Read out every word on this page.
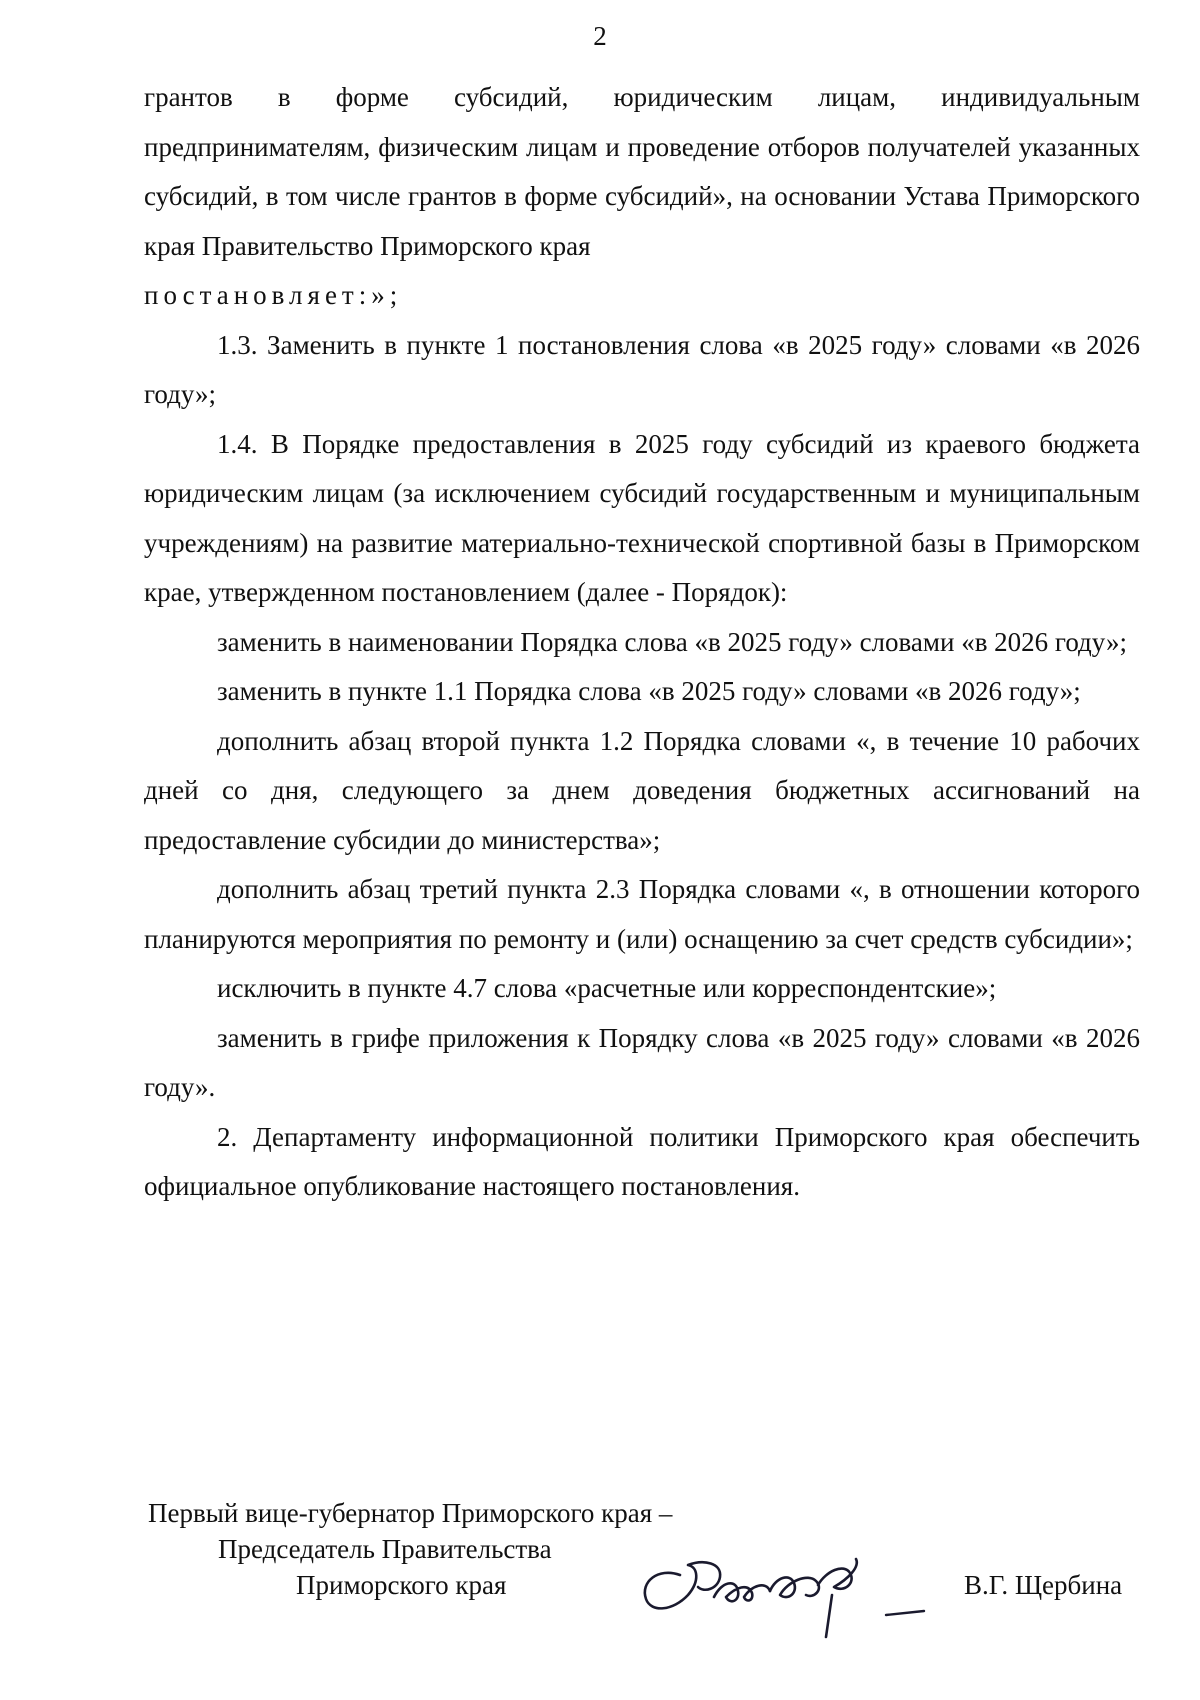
2

грантов в форме субсидий, юридическим лицам, индивидуальным предпринимателям, физическим лицам и проведение отборов получателей указанных субсидий, в том числе грантов в форме субсидий», на основании Устава Приморского края Правительство Приморского края

постановляет:»;

1.3. Заменить в пункте 1 постановления слова «в 2025 году» словами «в 2026 году»;

1.4. В Порядке предоставления в 2025 году субсидий из краевого бюджета юридическим лицам (за исключением субсидий государственным и муниципальным учреждениям) на развитие материально-технической спортивной базы в Приморском крае, утвержденном постановлением (далее - Порядок):

заменить в наименовании Порядка слова «в 2025 году» словами «в 2026 году»;

заменить в пункте 1.1 Порядка слова «в 2025 году» словами «в 2026 году»;

дополнить абзац второй пункта 1.2 Порядка словами «, в течение 10 рабочих дней со дня, следующего за днем доведения бюджетных ассигнований на предоставление субсидии до министерства»;

дополнить абзац третий пункта 2.3 Порядка словами «, в отношении которого планируются мероприятия по ремонту и (или) оснащению за счет средств субсидии»;

исключить в пункте 4.7 слова «расчетные или корреспондентские»;

заменить в грифе приложения к Порядку слова «в 2025 году» словами «в 2026 году».

2. Департаменту информационной политики Приморского края обеспечить официальное опубликование настоящего постановления.

Первый вице-губернатор Приморского края –
Председатель Правительства
Приморского края	В.Г. Щербина
